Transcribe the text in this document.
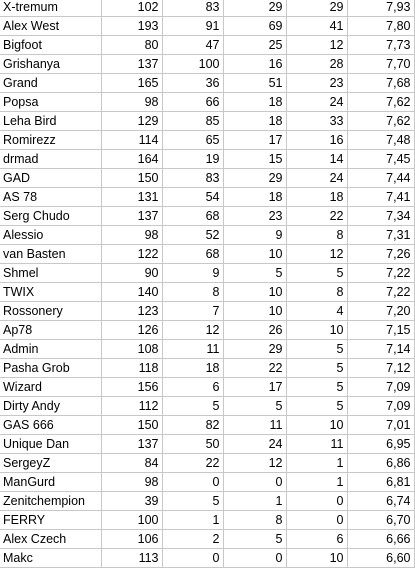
X-tremum	102	83	29	29	7,93
Alex West	193	91	69	41	7,80
Bigfoot	80	47	25	12	7,73
Grishanya	137	100	16	28	7,70
Grand	165	36	51	23	7,68
Popsa	98	66	18	24	7,62
Leha Bird	129	85	18	33	7,62
Romirezz	114	65	17	16	7,48
drmad	164	19	15	14	7,45
GAD	150	83	29	24	7,44
AS 78	131	54	18	18	7,41
Serg Chudo	137	68	23	22	7,34
Alessio	98	52	9	8	7,31
van Basten	122	68	10	12	7,26
Shmel	90	9	5	5	7,22
TWIX	140	8	10	8	7,22
Rossonery	123	7	10	4	7,20
Ap78	126	12	26	10	7,15
Admin	108	11	29	5	7,14
Pasha Grob	118	18	22	5	7,12
Wizard	156	6	17	5	7,09
Dirty Andy	112	5	5	5	7,09
GAS 666	150	82	11	10	7,01
Unique Dan	137	50	24	11	6,95
SergeyZ	84	22	12	1	6,86
ManGurd	98	0	0	1	6,81
Zenitchempion	39	5	1	0	6,74
FERRY	100	1	8	0	6,70
Alex Czech	106	2	5	6	6,66
Makc	113	0	0	10	6,60
